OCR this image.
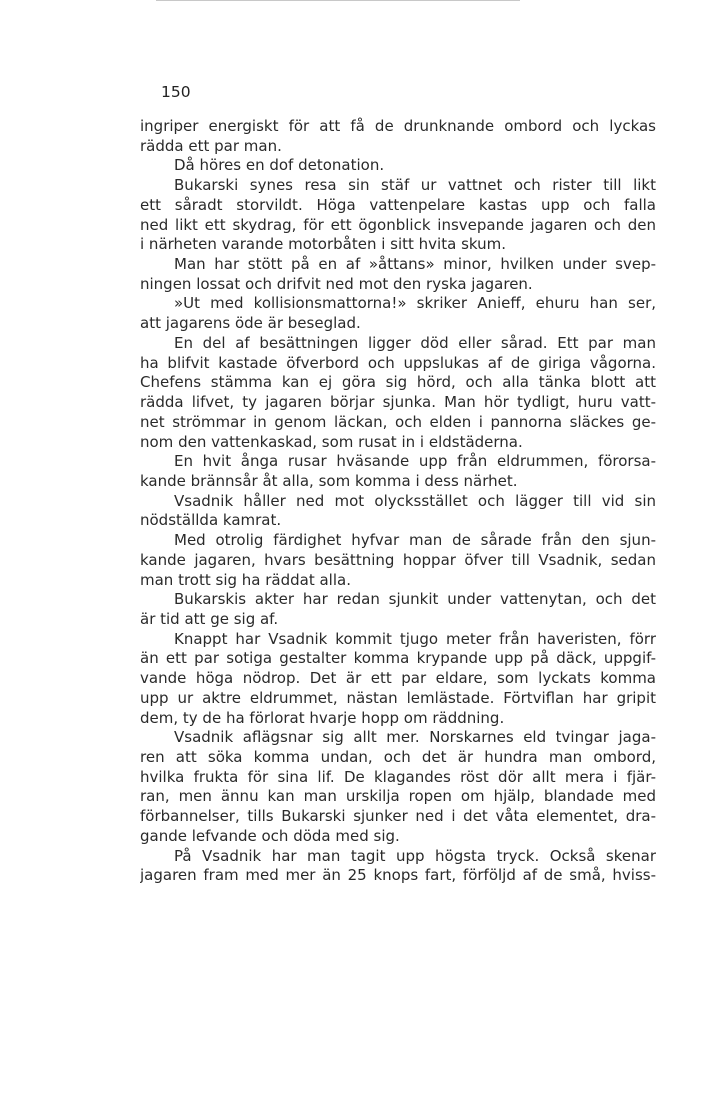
150
ingriper energiskt för att få de drunknande ombord och lyckas
rädda ett par man.
Då höres en dof detonation.
Bukarski synes resa sin stäf ur vattnet och rister till likt
ett såradt storvildt. Höga vattenpelare kastas upp och falla
ned likt ett skydrag, för ett ögonblick insvepande jagaren och den
i närheten varande motorbåten i sitt hvita skum.
Man har stött på en af »åttans» minor, hvilken under svep-
ningen lossat och drifvit ned mot den ryska jagaren.
»Ut med kollisionsmattorna!» skriker Anieff, ehuru han ser,
att jagarens öde är beseglad.
En del af besättningen ligger död eller sårad. Ett par man
ha blifvit kastade öfverbord och uppslukas af de giriga vågorna.
Chefens stämma kan ej göra sig hörd, och alla tänka blott att
rädda lifvet, ty jagaren börjar sjunka. Man hör tydligt, huru vatt-
net strömmar in genom läckan, och elden i pannorna släckes ge-
nom den vattenkaskad, som rusat in i eldstäderna.
En hvit ånga rusar hväsande upp från eldrummen, förorsa-
kande brännsår åt alla, som komma i dess närhet.
Vsadnik håller ned mot olycksstället och lägger till vid sin
nödställda kamrat.
Med otrolig färdighet hyfvar man de sårade från den sjun-
kande jagaren, hvars besättning hoppar öfver till Vsadnik, sedan
man trott sig ha räddat alla.
Bukarskis akter har redan sjunkit under vattenytan, och det
är tid att ge sig af.
Knappt har Vsadnik kommit tjugo meter från haveristen, förr
än ett par sotiga gestalter komma krypande upp på däck, uppgif-
vande höga nödrop. Det är ett par eldare, som lyckats komma
upp ur aktre eldrummet, nästan lemlästade. Förtviflan har gripit
dem, ty de ha förlorat hvarje hopp om räddning.
Vsadnik aflägsnar sig allt mer. Norskarnes eld tvingar jaga-
ren att söka komma undan, och det är hundra man ombord,
hvilka frukta för sina lif. De klagandes röst dör allt mera i fjär-
ran, men ännu kan man urskilja ropen om hjälp, blandade med
förbannelser, tills Bukarski sjunker ned i det våta elementet, dra-
gande lefvande och döda med sig.
På Vsadnik har man tagit upp högsta tryck. Också skenar
jagaren fram med mer än 25 knops fart, förföljd af de små, hviss-
